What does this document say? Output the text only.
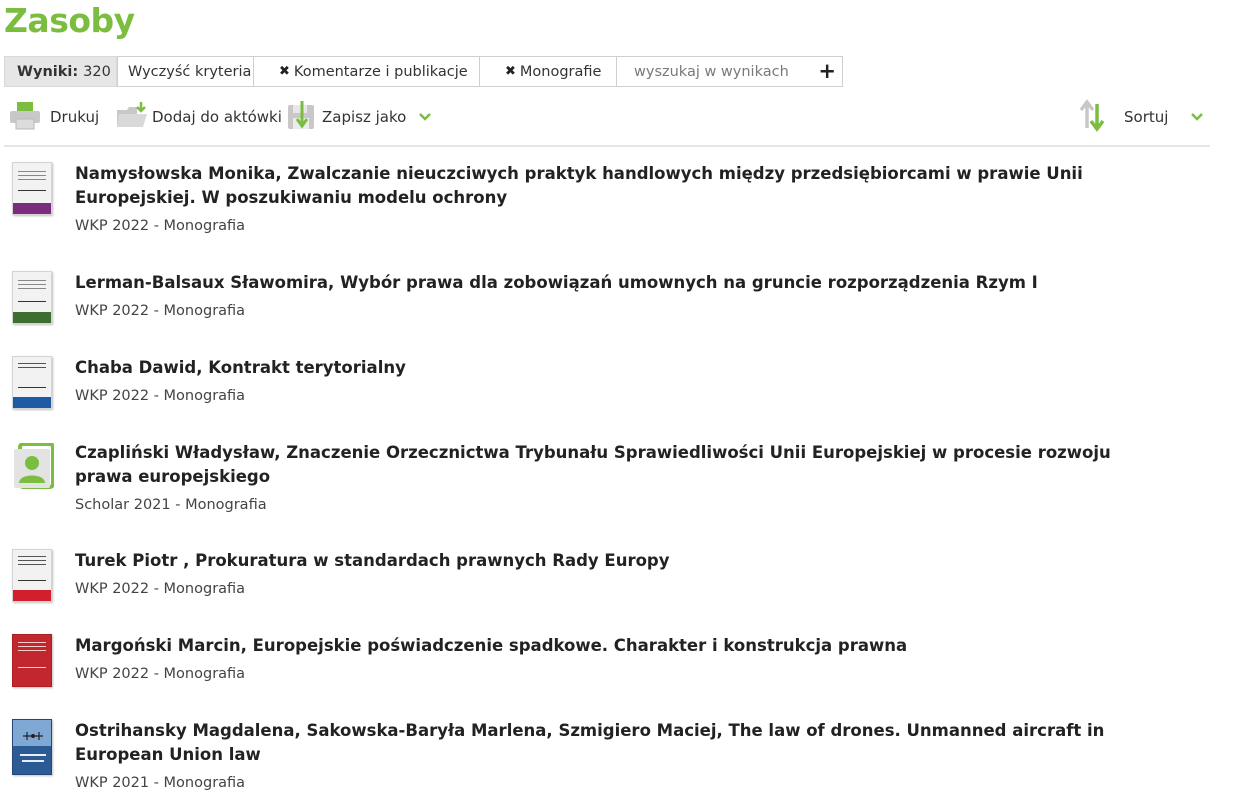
Zasoby
Wyniki: 320 Wyczyść kryteria ✖ Komentarze i publikacje	✖ Monografie
wyszukaj w wynikach	+
Drukuj	Dodaj do aktówki	Zapisz jako	Sortuj
Namysłowska Monika, Zwalczanie nieuczciwych praktyk handlowych między przedsiębiorcami w prawie Unii Europejskiej. W poszukiwaniu modelu ochrony
WKP 2022 - Monografia
Lerman-Balsaux Sławomira, Wybór prawa dla zobowiązań umownych na gruncie rozporządzenia Rzym I
WKP 2022 - Monografia
Chaba Dawid, Kontrakt terytorialny
WKP 2022 - Monografia
Czapliński Władysław, Znaczenie Orzecznictwa Trybunału Sprawiedliwości Unii Europejskiej w procesie rozwoju prawa europejskiego
Scholar 2021 - Monografia
Turek Piotr , Prokuratura w standardach prawnych Rady Europy
WKP 2022 - Monografia
Margoński Marcin, Europejskie poświadczenie spadkowe. Charakter i konstrukcja prawna
WKP 2022 - Monografia
Ostrihansky Magdalena, Sakowska-Baryła Marlena, Szmigiero Maciej, The law of drones. Unmanned aircraft in European Union law
WKP 2021 - Monografia
